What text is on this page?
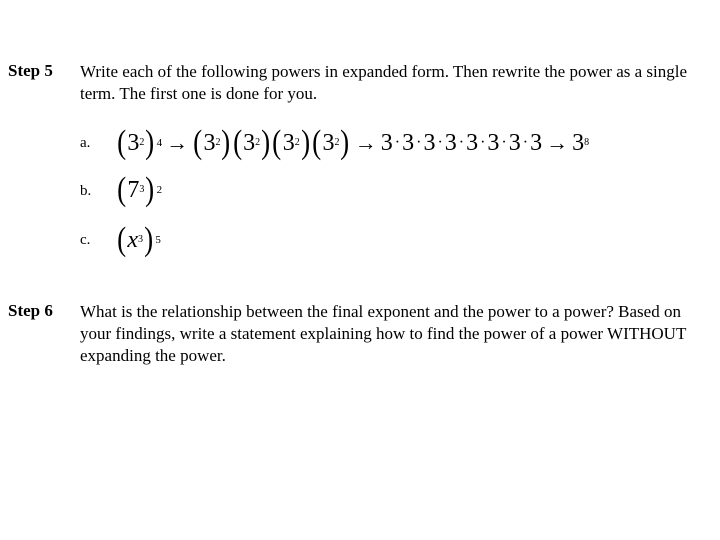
Step 5 Write each of the following powers in expanded form. Then rewrite the power as a single term. The first one is done for you.
a. ( 3 2 ) 4 → ( 3 2 ) ( 3 2 ) ( 3 2 ) ( 3 2 ) → 3 · 3 · 3 · 3 · 3 · 3 · 3 · 3 → 3 8
b. ( 7 3 ) 2
c. ( x 3 ) 5
Step 6 What is the relationship between the final exponent and the power to a power? Based on your findings, write a statement explaining how to find the power of a power WITHOUT expanding the power.
